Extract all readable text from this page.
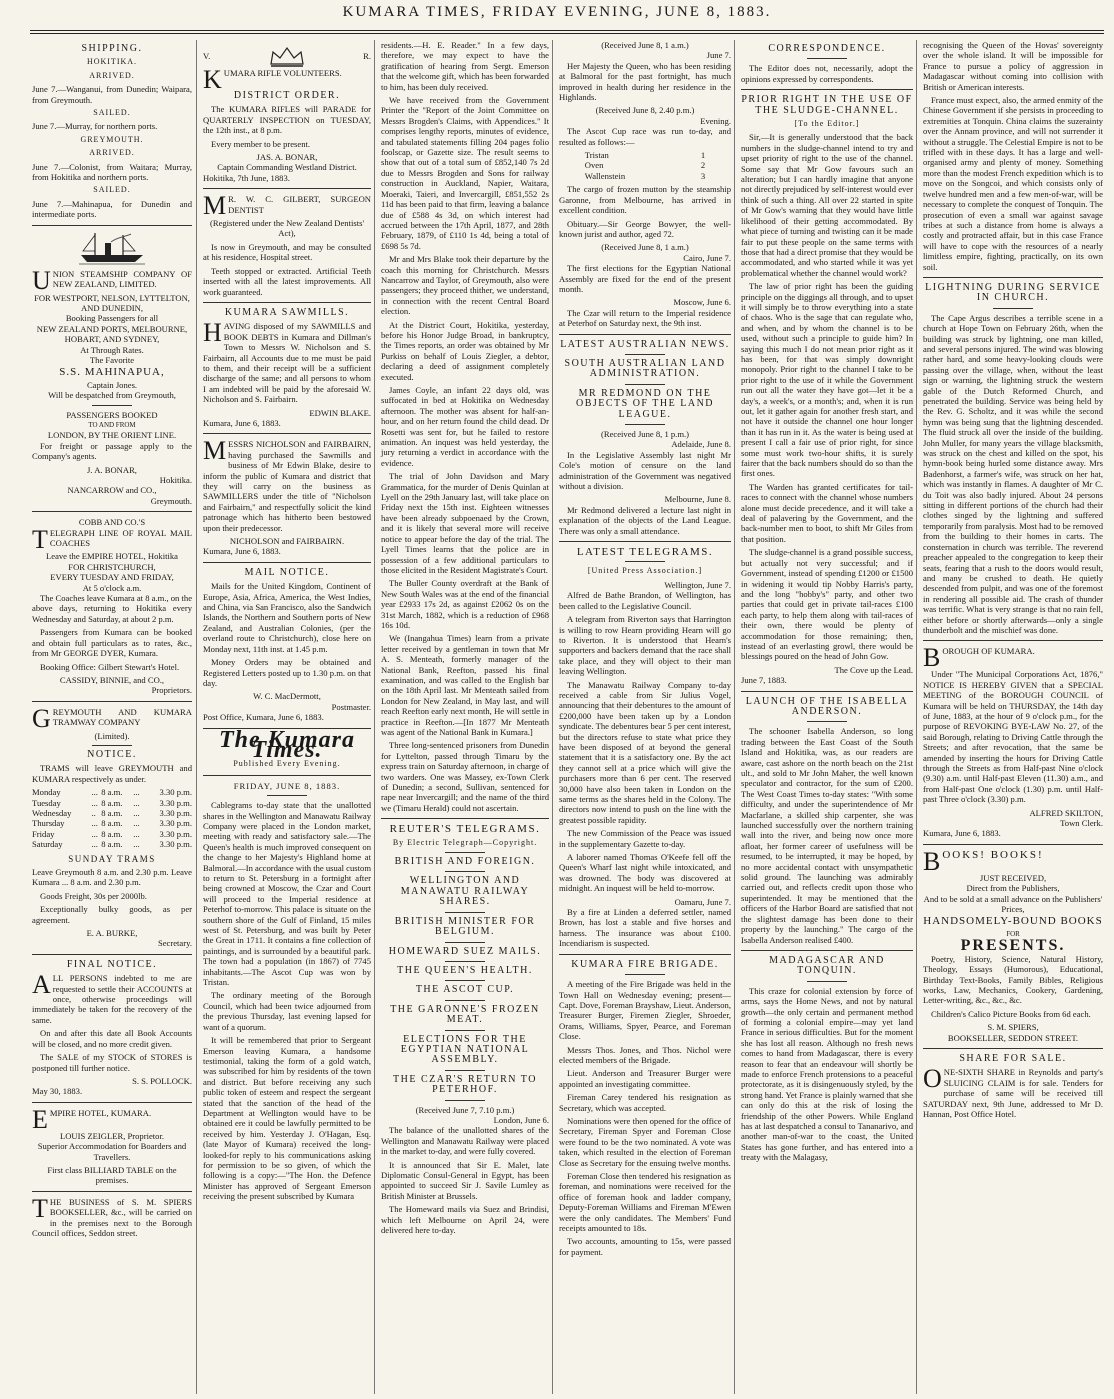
KUMARA TIMES, FRIDAY EVENING, JUNE 8, 1883.
SHIPPING.
HOKITIKA.
ARRIVED.

June 7.—Wanganui, from Dunedin; Waipara, from Greymouth.

SAILED.

June 7.—Murray, for northern ports.

GREYMOUTH.
ARRIVED.

June 7.—Colonist, from Waitara; Murray, from Hokitika and northern ports.

SAILED.

June 7.—Mahinapua, for Dunedin and intermediate ports.

UNION STEAMSHIP COMPANY OF NEW ZEALAND, LIMITED.

FOR WESTPORT, NELSON, LYTTELTON, AND DUNEDIN,
Booking Passengers for all
NEW ZEALAND PORTS, MELBOURNE, HOBART, AND SYDNEY,
At Through Rates.
The Favorite
S.S. MAHINAPUA,
Captain Jones.
Will be despatched from Greymouth,
PASSENGERS BOOKED
TO AND FROM
LONDON, BY THE ORIENT LINE.

For freight or passage apply to the Company's agents.

J. A. BONAR,
Hokitika.
NANCARROW and CO.,
Greymouth.
COBB AND CO.'S

TELEGRAPH LINE OF ROYAL MAIL COACHES

Leave the EMPIRE HOTEL, Hokitika
FOR CHRISTCHURCH,
EVERY TUESDAY AND FRIDAY,
At 5 o'clock a.m.

The Coaches leave Kumara at 8 a.m., on the above days, returning to Hokitika every Wednesday and Saturday, at about 2 p.m.

Passengers from Kumara can be booked and obtain full particulars as to rates, &c., from Mr GEORGE DYER, Kumara.

Booking Office: Gilbert Stewart's Hotel.

CASSIDY, BINNIE, and CO.,
Proprietors.

GREYMOUTH AND KUMARA TRAMWAY COMPANY

(Limited).
NOTICE.

TRAMS will leave GREYMOUTH and KUMARA respectively as under.

Monday	...	8 a.m.	...	3.30 p.m.
Tuesday	...	8 a.m.	...	3.30 p.m.
Wednesday	..	8 a.m.	...	3.30 p.m.
Thursday	...	8 a.m.	...	3.30 p.m.
Friday	...	8 a.m.	...	3.30 p.m.
Saturday	...	8 a.m.	...	3.30 p.m.
SUNDAY TRAMS

Leave Greymouth 8 a.m. and 2.30 p.m. Leave Kumara ... 8 a.m. and 2.30 p.m.

Goods Freight, 30s per 2000lb.

Exceptionally bulky goods, as per agreement.

E. A. BURKE,
Secretary.
FINAL NOTICE.

ALL PERSONS indebted to me are requested to settle their ACCOUNTS at once, otherwise proceedings will immediately be taken for the recovery of the same.

On and after this date all Book Accounts will be closed, and no more credit given.

The SALE of my STOCK of STORES is postponed till further notice.

S. S. POLLOCK.
May 30, 1883.

EMPIRE HOTEL, KUMARA.

LOUIS ZEIGLER, Proprietor.

Superior Accommodation for Boarders and Travellers.

First class BILLIARD TABLE on the premises.

THE BUSINESS of S. M. SPIERS BOOKSELLER, &c., will be carried on in the premises next to the Borough Council offices, Seddon street.

V.	R.

KUMARA RIFLE VOLUNTEERS.

DISTRICT ORDER.

The KUMARA RIFLES will PARADE for QUARTERLY INSPECTION on TUESDAY, the 12th inst., at 8 p.m.

Every member to be present.

JAS. A. BONAR,
Captain Commanding Westland District.
Hokitika, 7th June, 1883.

M R. W. C. GILBERT, SURGEON DENTIST

(Registered under the New Zealand Dentists' Act),

Is now in Greymouth, and may be consulted at his residence, Hospital street.

Teeth stopped or extracted. Artificial Teeth inserted with all the latest improvements. All work guaranteed.

KUMARA SAWMILLS.

HAVING disposed of my SAWMILLS and BOOK DEBTS in Kumara and Dillman's Town to Messrs W. Nicholson and S. Fairbairn, all Accounts due to me must be paid to them, and their receipt will be a sufficient discharge of the same; and all persons to whom I am indebted will be paid by the aforesaid W. Nicholson and S. Fairbairn.

EDWIN BLAKE.
Kumara, June 6, 1883.

MESSRS NICHOLSON and FAIRBAIRN, having purchased the Sawmills and business of Mr Edwin Blake, desire to inform the public of Kumara and district that they will carry on the business as SAWMILLERS under the title of "Nicholson and Fairbairn," and respectfully solicit the kind patronage which has hitherto been bestowed upon their predecessor.

NICHOLSON and FAIRBAIRN.
Kumara, June 6, 1883.
MAIL NOTICE.

Mails for the United Kingdom, Continent of Europe, Asia, Africa, America, the West Indies, and China, via San Francisco, also the Sandwich Islands, the Northern and Southern ports of New Zealand, and Australian Colonies, (per the overland route to Christchurch), close here on Monday next, 11th inst. at 1.45 p.m.

Money Orders may be obtained and Registered Letters posted up to 1.30 p.m. on that day.

W. C. MacDermott,
Postmaster.
Post Office, Kumara, June 6, 1883.
The Kumara Times.
Published Every Evening.
FRIDAY, JUNE 8, 1883.

Cablegrams to-day state that the unallotted shares in the Wellington and Manawatu Railway Company were placed in the London market, meeting with ready and satisfactory sale.—The Queen's health is much improved consequent on the change to her Majesty's Highland home at Balmoral.—In accordance with the usual custom to return to St. Petersburg in a fortnight after being crowned at Moscow, the Czar and Court will proceed to the Imperial residence at Peterhof to-morrow. This palace is situate on the southern shore of the Gulf of Finland, 15 miles west of St. Petersburg, and was built by Peter the Great in 1711. It contains a fine collection of paintings, and is surrounded by a beautiful park. The town had a population (in 1867) of 7745 inhabitants.—The Ascot Cup was won by Tristan.

The ordinary meeting of the Borough Council, which had been twice adjourned from the previous Thursday, last evening lapsed for want of a quorum.

It will be remembered that prior to Sergeant Emerson leaving Kumara, a handsome testimonial, taking the form of a gold watch, was subscribed for him by residents of the town and district. But before receiving any such public token of esteem and respect the sergeant stated that the sanction of the head of the Department at Wellington would have to be obtained ere it could be lawfully permitted to be received by him. Yesterday J. O'Hagan, Esq. (late Mayor of Kumara) received the long-looked-for reply to his communications asking for permission to be so given, of which the following is a copy:—"The Hon. the Defence Minister has approved of Sergeant Emerson receiving the present subscribed by Kumara

residents.—H. E. Reader." In a few days, therefore, we may expect to have the gratification of hearing from Sergt. Emerson that the welcome gift, which has been forwarded to him, has been duly received.

We have received from the Government Printer the "Report of the Joint Committee on Messrs Brogden's Claims, with Appendices." It comprises lengthy reports, minutes of evidence, and tabulated statements filling 204 pages folio foolscap, or Gazette size. The result seems to show that out of a total sum of £852,140 7s 2d due to Messrs Brogden and Sons for railway construction in Auckland, Napier, Waitara, Moeraki, Taieri, and Invercargill, £851,552 2s 11d has been paid to that firm, leaving a balance due of £588 4s 3d, on which interest had accrued between the 17th April, 1877, and 28th February, 1879, of £110 1s 4d, being a total of £698 5s 7d.

Mr and Mrs Blake took their departure by the coach this morning for Christchurch. Messrs Nancarrow and Taylor, of Greymouth, also were passengers; they proceed thither, we understand, in connection with the recent Central Board election.

At the District Court, Hokitika, yesterday, before his Honor Judge Broad, in bankruptcy, the Times reports, an order was obtained by Mr Purkiss on behalf of Louis Ziegler, a debtor, declaring a deed of assignment completely executed.

James Coyle, an infant 22 days old, was suffocated in bed at Hokitika on Wednesday afternoon. The mother was absent for half-an-hour, and on her return found the child dead. Dr Rosetti was sent for, but he failed to restore animation. An inquest was held yesterday, the jury returning a verdict in accordance with the evidence.

The trial of John Davidson and Mary Grammatica, for the murder of Denis Quinlan at Lyell on the 29th January last, will take place on Friday next the 15th inst. Eighteen witnesses have been already subpoenaed by the Crown, and it is likely that several more will receive notice to appear before the day of the trial. The Lyell Times learns that the police are in possession of a few additional particulars to those elicited in the Resident Magistrate's Court.

The Buller County overdraft at the Bank of New South Wales was at the end of the financial year £2933 17s 2d, as against £2062 0s on the 31st March, 1882, which is a reduction of £968 16s 10d.

We (Inangahua Times) learn from a private letter received by a gentleman in town that Mr A. S. Menteath, formerly manager of the National Bank, Reefton, passed his final examination, and was called to the English bar on the 18th April last. Mr Menteath sailed from London for New Zealand, in May last, and will reach Reefton early next month, He will settle in practice in Reefton.—[In 1877 Mr Menteath was agent of the National Bank in Kumara.]

Three long-sentenced prisoners from Dunedin for Lyttelton, passed through Timaru by the express train on Saturday afternoon, in charge of two warders. One was Massey, ex-Town Clerk of Dunedin; a second, Sullivan, sentenced for rape near Invercargill; and the name of the third we (Timaru Herald) could not ascertain.

REUTER'S TELEGRAMS.
By Electric Telegraph—Copyright.
BRITISH AND FOREIGN.
WELLINGTON AND MANAWATU RAILWAY SHARES.
BRITISH MINISTER FOR BELGIUM.
HOMEWARD SUEZ MAILS.
THE QUEEN'S HEALTH.
THE ASCOT CUP.
THE GARONNE'S FROZEN MEAT.
ELECTIONS FOR THE EGYPTIAN NATIONAL ASSEMBLY.
THE CZAR'S RETURN TO PETERHOF.
(Received June 7, 7.10 p.m.)
London, June 6.

The balance of the unallotted shares of the Wellington and Manawatu Railway were placed in the market to-day, and were fully covered.

It is announced that Sir E. Malet, late Diplomatic Consul-General in Egypt, has been appointed to succeed Sir J. Savile Lumley as British Minister at Brussels.

The Homeward mails via Suez and Brindisi, which left Melbourne on April 24, were delivered here to-day.

(Received June 8, 1 a.m.)
June 7.

Her Majesty the Queen, who has been residing at Balmoral for the past fortnight, has much improved in health during her residence in the Highlands.

(Received June 8, 2.40 p.m.)
Evening.

The Ascot Cup race was run to-day, and resulted as follows:—

Tristan	1
Oven	2
Wallenstein	3

The cargo of frozen mutton by the steamship Garonne, from Melbourne, has arrived in excellent condition.

Obituary.—Sir George Bowyer, the well-known jurist and author, aged 72.

(Received June 8, 1 a.m.)
Cairo, June 7.

The first elections for the Egyptian National Assembly are fixed for the end of the present month.

Moscow, June 6.

The Czar will return to the Imperial residence at Peterhof on Saturday next, the 9th inst.

LATEST AUSTRALIAN NEWS.
SOUTH AUSTRALIAN LAND ADMINISTRATION.
MR REDMOND ON THE OBJECTS OF THE LAND LEAGUE.
(Received June 8, 1 p.m.)
Adelaide, June 8.

In the Legislative Assembly last night Mr Cole's motion of censure on the land administration of the Government was negatived without a division.

Melbourne, June 8.

Mr Redmond delivered a lecture last night in explanation of the objects of the Land League. There was only a small attendance.

LATEST TELEGRAMS.
[United Press Association.]
Wellington, June 7.

Alfred de Bathe Brandon, of Wellington, has been called to the Legislative Council.

A telegram from Riverton says that Harrington is willing to row Hearn providing Hearn will go to Riverton. It is understood that Hearn's supporters and backers demand that the race shall take place, and they will object to their man leaving Wellington.

The Manawatu Railway Company to-day received a cable from Sir Julius Vogel, announcing that their debentures to the amount of £200,000 have been taken up by a London syndicate. The debentures bear 5 per cent interest, but the directors refuse to state what price they have been disposed of at beyond the general statement that it is a satisfactory one. By the act they cannot sell at a price which will give the purchasers more than 6 per cent. The reserved 30,000 have also been taken in London on the same terms as the shares held in the Colony. The directors now intend to push on the line with the greatest possible rapidity.

The new Commission of the Peace was issued in the supplementary Gazette to-day.

A laborer named Thomas O'Keefe fell off the Queen's Wharf last night while intoxicated, and was drowned. The body was discovered at midnight. An inquest will be held to-morrow.

Oamaru, June 7.

By a fire at Linden a deferred settler, named Brown, has lost a stable and five horses and harness. The insurance was about £100. Incendiarism is suspected.

KUMARA FIRE BRIGADE.

A meeting of the Fire Brigade was held in the Town Hall on Wednesday evening; present—Capt. Dove, Foreman Brayshaw, Lieut. Anderson, Treasurer Burger, Firemen Ziegler, Shroeder, Orams, Williams, Spyer, Pearce, and Foreman Close.

Messrs Thos. Jones, and Thos. Nichol were elected members of the Brigade.

Lieut. Anderson and Treasurer Burger were appointed an investigating committee.

Fireman Carey tendered his resignation as Secretary, which was accepted.

Nominations were then opened for the office of Secretary, Fireman Spyer and Foreman Close were found to be the two nominated. A vote was taken, which resulted in the election of Foreman Close as Secretary for the ensuing twelve months.

Foreman Close then tendered his resignation as foreman, and nominations were received for the office of foreman hook and ladder company, Deputy-Foreman Williams and Fireman M'Ewen were the only candidates. The Members' Fund receipts amounted to 18s.

Two accounts, amounting to 15s, were passed for payment.

CORRESPONDENCE.

The Editor does not, necessarily, adopt the opinions expressed by correspondents.

PRIOR RIGHT IN THE USE OF THE SLUDGE-CHANNEL.
[To the Editor.]

Sir,—It is generally understood that the back numbers in the sludge-channel intend to try and upset priority of right to the use of the channel. Some say that Mr Gow favours such an alteration; but I can hardly imagine that anyone not directly prejudiced by self-interest would ever think of such a thing. All over 22 started in spite of Mr Gow's warning that they would have little likelihood of their getting accommodated. By what piece of turning and twisting can it be made fair to put these people on the same terms with those that had a direct promise that they would be accommodated, and who started while it was yet problematical whether the channel would work?

The law of prior right has been the guiding principle on the diggings all through, and to upset it will simply be to throw everything into a state of chaos. Who is the sage that can regulate who, and when, and by whom the channel is to be used, without such a principle to guide him? In saying this much I do not mean prior right as it has been, for that was simply downright monopoly. Prior right to the channel I take to be prior right to the use of it while the Government run out all the water they have got—let it be a day's, a week's, or a month's; and, when it is run out, let it gather again for another fresh start, and not have it outside the channel one hour longer than it has run in it. As the water is being used at present I call a fair use of prior right, for since some must work two-hour shifts, it is surely fairer that the back numbers should do so than the first ones.

The Warden has granted certificates for tail-races to connect with the channel whose numbers alone must decide precedence, and it will take a deal of palavering by the Government, and the back-number men to boot, to shift Mr Giles from that position.

The sludge-channel is a grand possible success, but actually not very successful; and if Government, instead of spending £1200 or £1500 in widening it would tip Nobby Harris's party, and the long "hobby's" party, and other two parties that could get in private tail-races £100 each party, to help them along with tail-races of their own, there would be plenty of accommodation for those remaining; then, instead of an everlasting growl, there would be blessings poured on the head of John Gow.

The Cove up the Lead.
June 7, 1883.
LAUNCH OF THE ISABELLA ANDERSON.

The schooner Isabella Anderson, so long trading between the East Coast of the South Island and Hokitika, was, as our readers are aware, cast ashore on the north beach on the 21st ult., and sold to Mr John Maher, the well known speculator and contractor, for the sum of £200. The West Coast Times to-day states: "With some difficulty, and under the superintendence of Mr Macfarlane, a skilled ship carpenter, she was launched successfully over the northern training wall into the river, and being now once more afloat, her former career of usefulness will be resumed, to be interrupted, it may be hoped, by no more accidental contact with unsympathetic solid ground. The launching was admirably carried out, and reflects credit upon those who superintended. It may be mentioned that the officers of the Harbor Board are satisfied that not the slightest damage has been done to their property by the launching." The cargo of the Isabella Anderson realised £400.

MADAGASCAR AND TONQUIN.

This craze for colonial extension by force of arms, says the Home News, and not by natural growth—the only certain and permanent method of forming a colonial empire—may yet land France in serious difficulties. But for the moment she has lost all reason. Although no fresh news comes to hand from Madagascar, there is every reason to fear that an endeavour will shortly be made to enforce French protensions to a peaceful protectorate, as it is disingenuously styled, by the strong hand. Yet France is plainly warned that she can only do this at the risk of losing the friendship of the other Powers. While England has at last despatched a consul to Tananarivo, and another man-of-war to the coast, the United States has gone further, and has entered into a treaty with the Malagasy,

recognising the Queen of the Hovas' sovereignty over the whole island. It will be impossible for France to pursue a policy of aggression in Madagascar without coming into collision with British or American interests.

France must expect, also, the armed enmity of the Chinese Government if she persists in proceeding to extremities at Tonquin. China claims the suzerainty over the Annam province, and will not surrender it without a struggle. The Celestial Empire is not to be trifled with in these days. It has a large and well-organised army and plenty of money. Something more than the modest French expedition which is to move on the Songcoi, and which consists only of twelve hundred men and a few men-of-war, will be necessary to complete the conquest of Tonquin. The prosecution of even a small war against savage tribes at such a distance from home is always a costly and protracted affair, but in this case France will have to cope with the resources of a nearly limitless empire, fighting, practically, on its own soil.

LIGHTNING DURING SERVICE IN CHURCH.

The Cape Argus describes a terrible scene in a church at Hope Town on February 26th, when the building was struck by lightning, one man killed, and several persons injured. The wind was blowing rather hard, and some heavy-looking clouds were passing over the village, when, without the least sign or warning, the lightning struck the western gable of the Dutch Reformed Church, and penetrated the building. Service was being held by the Rev. G. Scholtz, and it was while the second hymn was being sung that the lightning descended. The fluid struck all over the inside of the building. John Muller, for many years the village blacksmith, was struck on the chest and killed on the spot, his hymn-book being hurled some distance away. Mrs Badenhorst, a farmer's wife, was struck on her hat, which was instantly in flames. A daughter of Mr C. du Toit was also badly injured. About 24 persons sitting in different portions of the church had their clothes singed by the lightning and suffered temporarily from paralysis. Most had to be removed from the building to their homes in carts. The consternation in church was terrible. The reverend preacher appealed to the congregation to keep their seats, fearing that a rush to the doors would result, and many be crushed to death. He quietly descended from pulpit, and was one of the foremost in rendering all possible aid. The crash of thunder was terrific. What is very strange is that no rain fell, either before or shortly afterwards—only a single thunderbolt and the mischief was done.

BOROUGH OF KUMARA.

Under "The Municipal Corporations Act, 1876," NOTICE IS HEREBY GIVEN that a SPECIAL MEETING of the BOROUGH COUNCIL of Kumara will be held on THURSDAY, the 14th day of June, 1883, at the hour of 9 o'clock p.m., for the purpose of REVOKING BYE-LAW No. 27, of the said Borough, relating to Driving Cattle through the Streets; and after revocation, that the same be amended by inserting the hours for Driving Cattle through the Streets as from Half-past Nine o'clock (9.30) a.m. until Half-past Eleven (11.30) a.m., and from Half-past One o'clock (1.30) p.m. until Half-past Three o'clock (3.30) p.m.

ALFRED SKILTON,
Town Clerk.
Kumara, June 6, 1883.

BOOKS! BOOKS!

JUST RECEIVED,
Direct from the Publishers,
And to be sold at a small advance on the Publishers' Prices,
HANDSOMELY-BOUND BOOKS
FOR
PRESENTS.

Poetry, History, Science, Natural History, Theology, Essays (Humorous), Educational, Birthday Text-Books, Family Bibles, Religious works, Law, Mechanics, Cookery, Gardening, Letter-writing, &c., &c., &c.

Children's Calico Picture Books from 6d each.

S. M. SPIERS,
BOOKSELLER, SEDDON STREET.
SHARE FOR SALE.

ONE-SIXTH SHARE in Reynolds and party's SLUICING CLAIM is for sale. Tenders for purchase of same will be received till SATURDAY next, 9th June, addressed to Mr D. Hannan, Post Office Hotel.
